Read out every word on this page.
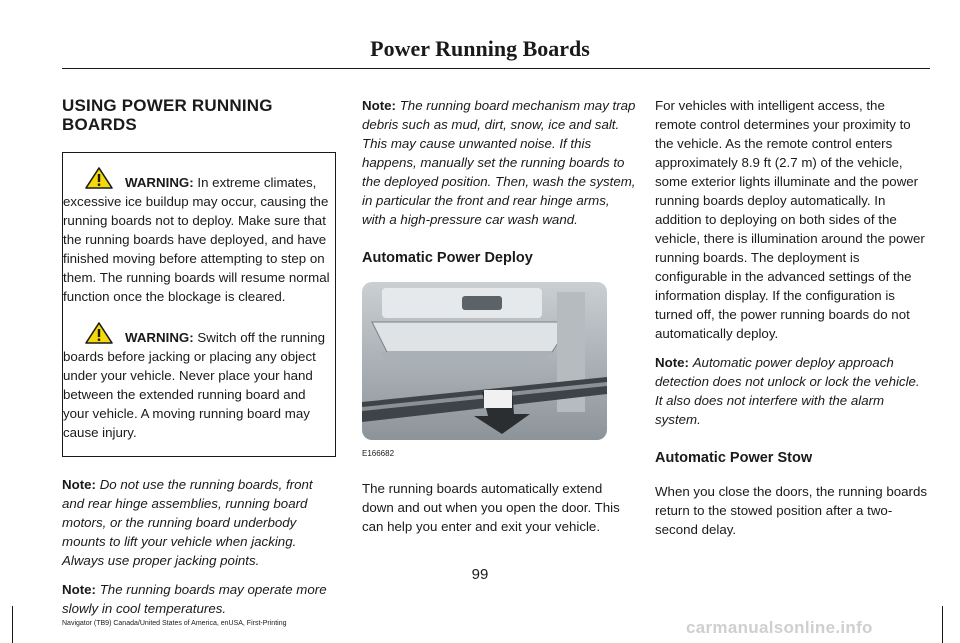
Power Running Boards
USING POWER RUNNING BOARDS

WARNING: In extreme climates, excessive ice buildup may occur, causing the running boards not to deploy. Make sure that the running boards have deployed, and have finished moving before attempting to step on them. The running boards will resume normal function once the blockage is cleared.

WARNING: Switch off the running boards before jacking or placing any object under your vehicle. Never place your hand between the extended running board and your vehicle. A moving running board may cause injury.

Note: Do not use the running boards, front and rear hinge assemblies, running board motors, or the running board underbody mounts to lift your vehicle when jacking. Always use proper jacking points.

Note: The running boards may operate more slowly in cool temperatures.

Note: The running board mechanism may trap debris such as mud, dirt, snow, ice and salt. This may cause unwanted noise. If this happens, manually set the running boards to the deployed position. Then, wash the system, in particular the front and rear hinge arms, with a high-pressure car wash wand.

Automatic Power Deploy
E166682

The running boards automatically extend down and out when you open the door. This can help you enter and exit your vehicle.

For vehicles with intelligent access, the remote control determines your proximity to the vehicle. As the remote control enters approximately 8.9 ft (2.7 m) of the vehicle, some exterior lights illuminate and the power running boards deploy automatically. In addition to deploying on both sides of the vehicle, there is illumination around the power running boards. The deployment is configurable in the advanced settings of the information display. If the configuration is turned off, the power running boards do not automatically deploy.

Note: Automatic power deploy approach detection does not unlock or lock the vehicle. It also does not interfere with the alarm system.

Automatic Power Stow

When you close the doors, the running boards return to the stowed position after a two-second delay.

99
Navigator (TB9) Canada/United States of America, enUSA, First-Printing	carmanualsonline.info
